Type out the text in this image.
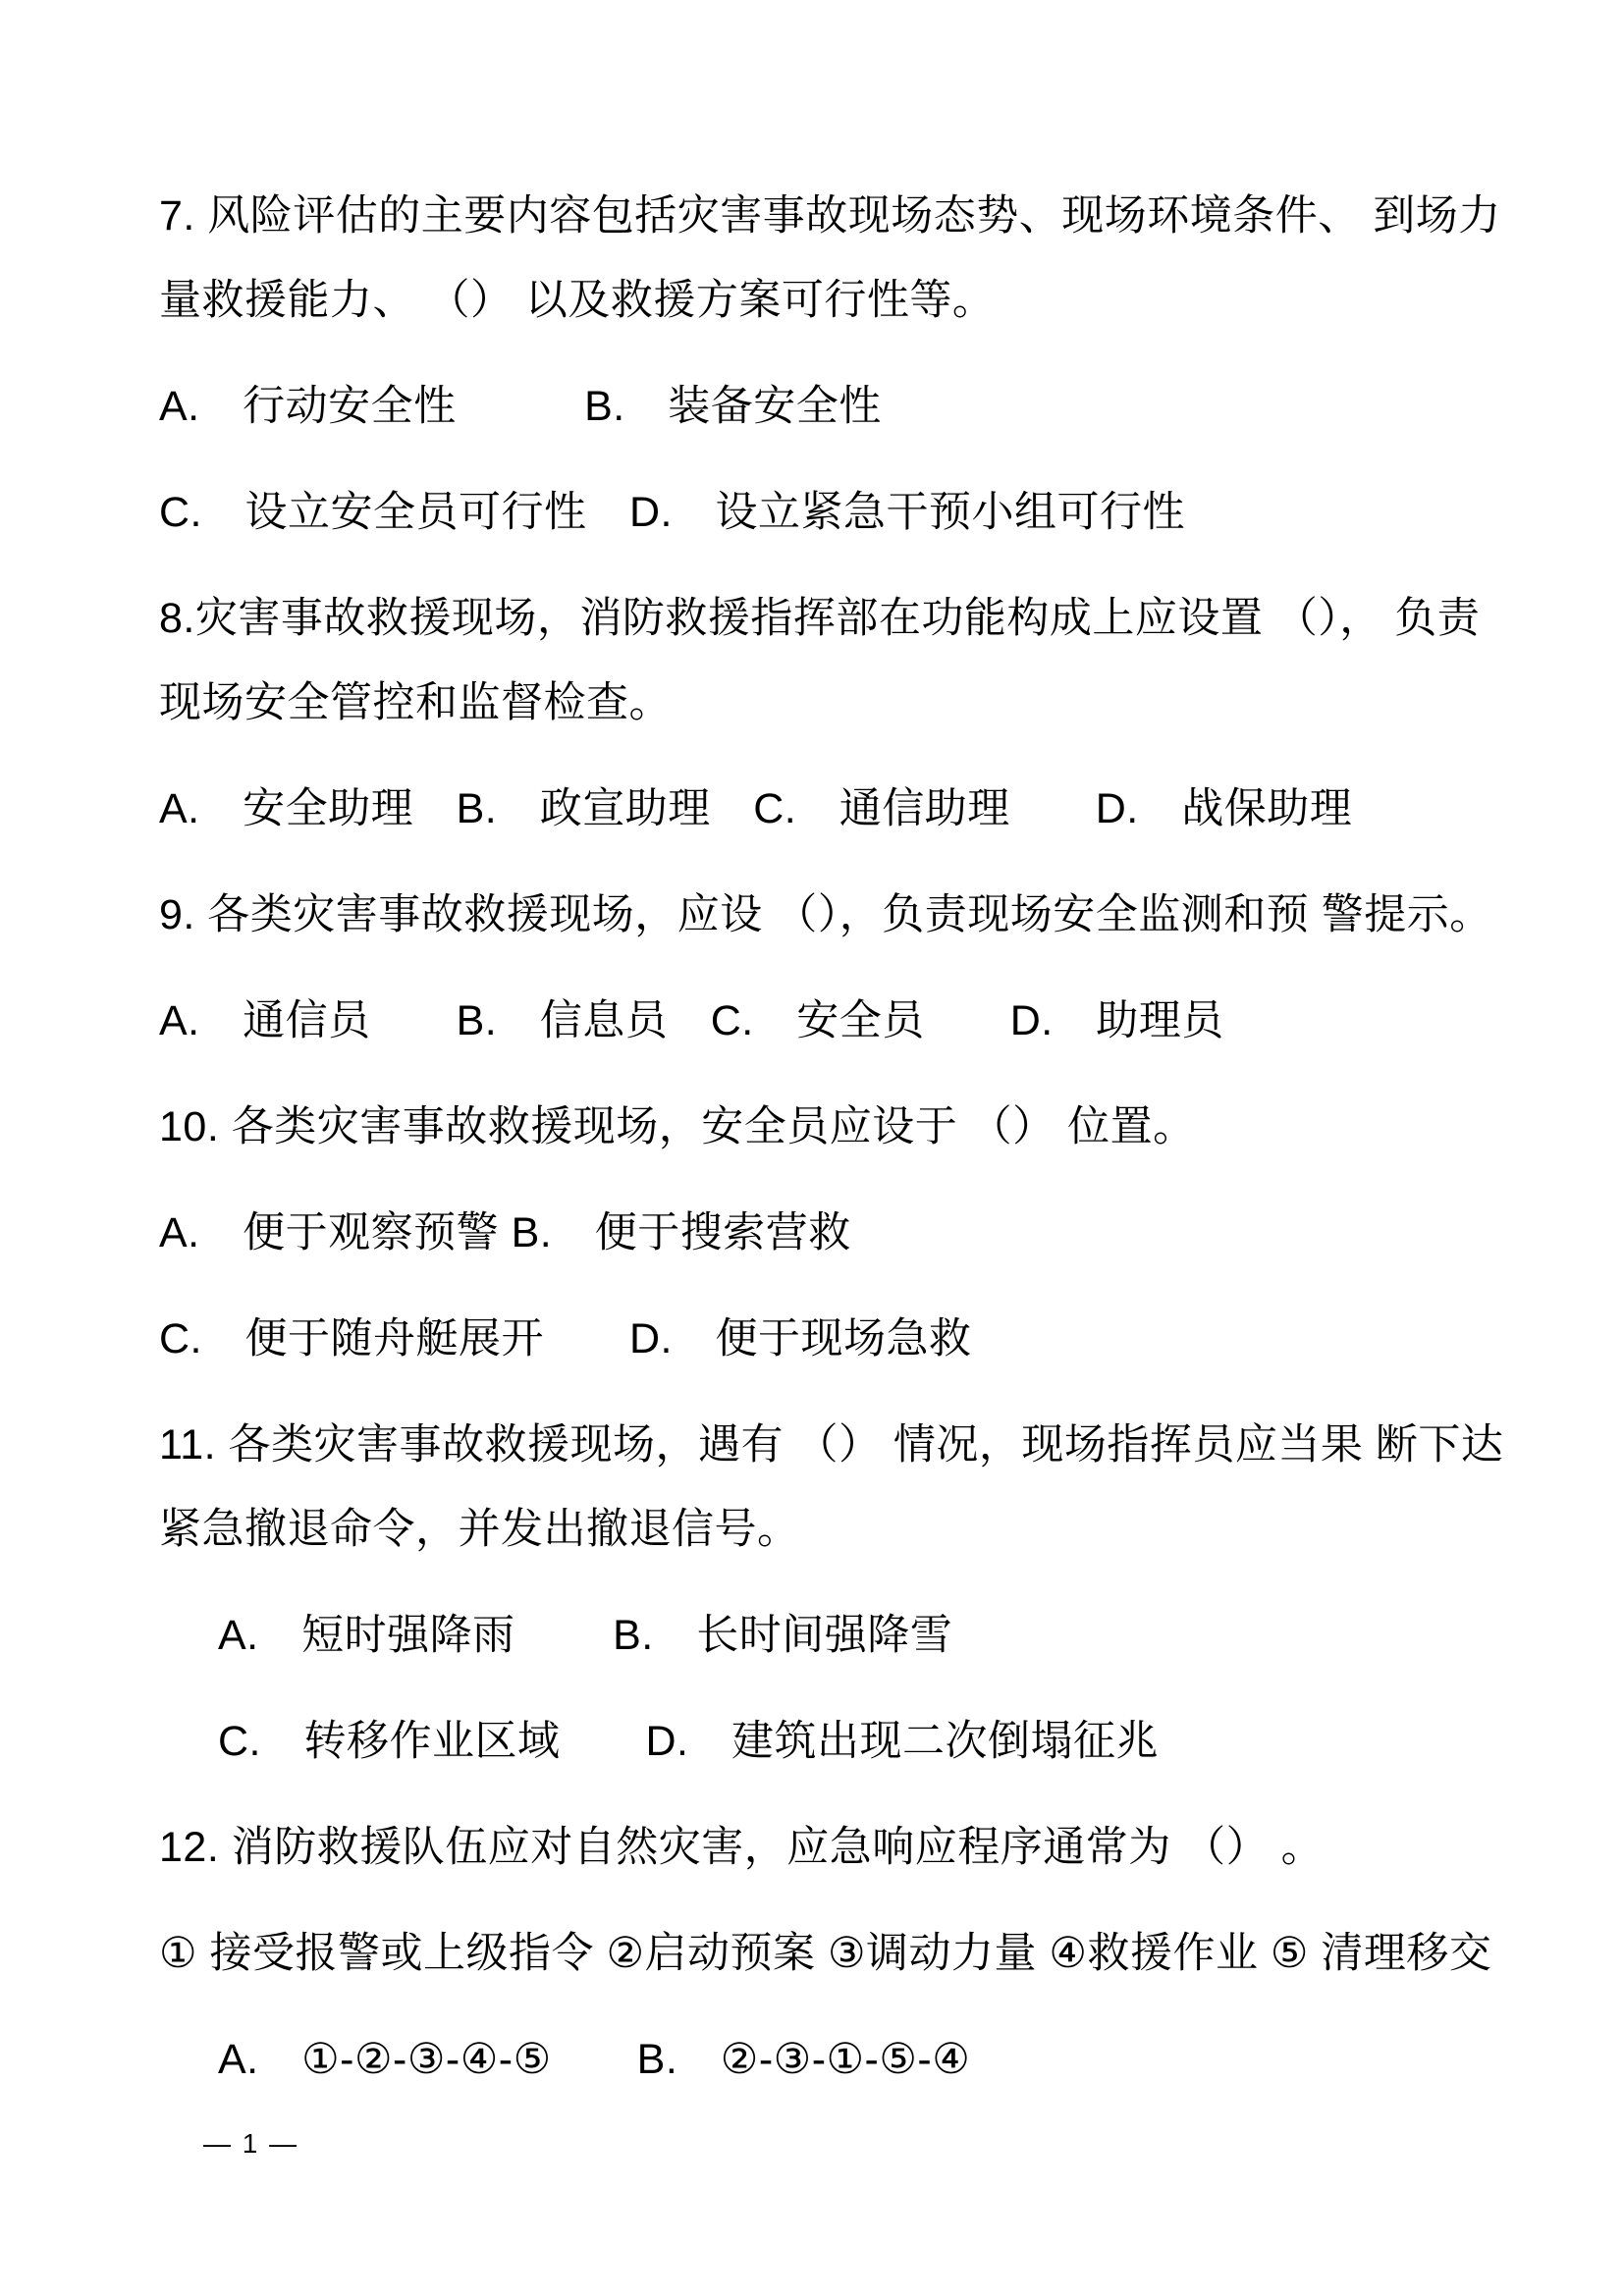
7. 风险评估的主要内容包括灾害事故现场态势、现场环境条件、 到场力

量救援能力、 （） 以及救援方案可行性等。

A.　行动安全性　　　B.　装备安全性

C.　设立安全员可行性　D.　设立紧急干预小组可行性

8.灾害事故救援现场，消防救援指挥部在功能构成上应设置 （）， 负责

现场安全管控和监督检查。

A.　安全助理　B.　政宣助理　C.　通信助理　　D.　战保助理

9. 各类灾害事故救援现场，应设 （），负责现场安全监测和预 警提示。

A.　通信员　　B.　信息员　C.　安全员　　D.　助理员

10. 各类灾害事故救援现场，安全员应设于 （） 位置。

A.　便于观察预警 B.　便于搜索营救

C.　便于随舟艇展开　　D.　便于现场急救

11. 各类灾害事故救援现场，遇有 （） 情况，现场指挥员应当果 断下达

紧急撤退命令，并发出撤退信号。

A.　短时强降雨　　 B.　长时间强降雪

C.　转移作业区域　　D.　建筑出现二次倒塌征兆

12. 消防救援队伍应对自然灾害，应急响应程序通常为 （） 。

① 接受报警或上级指令 ②启动预案 ③调动力量 ④救援作业 ⑤ 清理移交

A.　①-②-③-④-⑤　　B.　②-③-①-⑤-④

— 1 —
